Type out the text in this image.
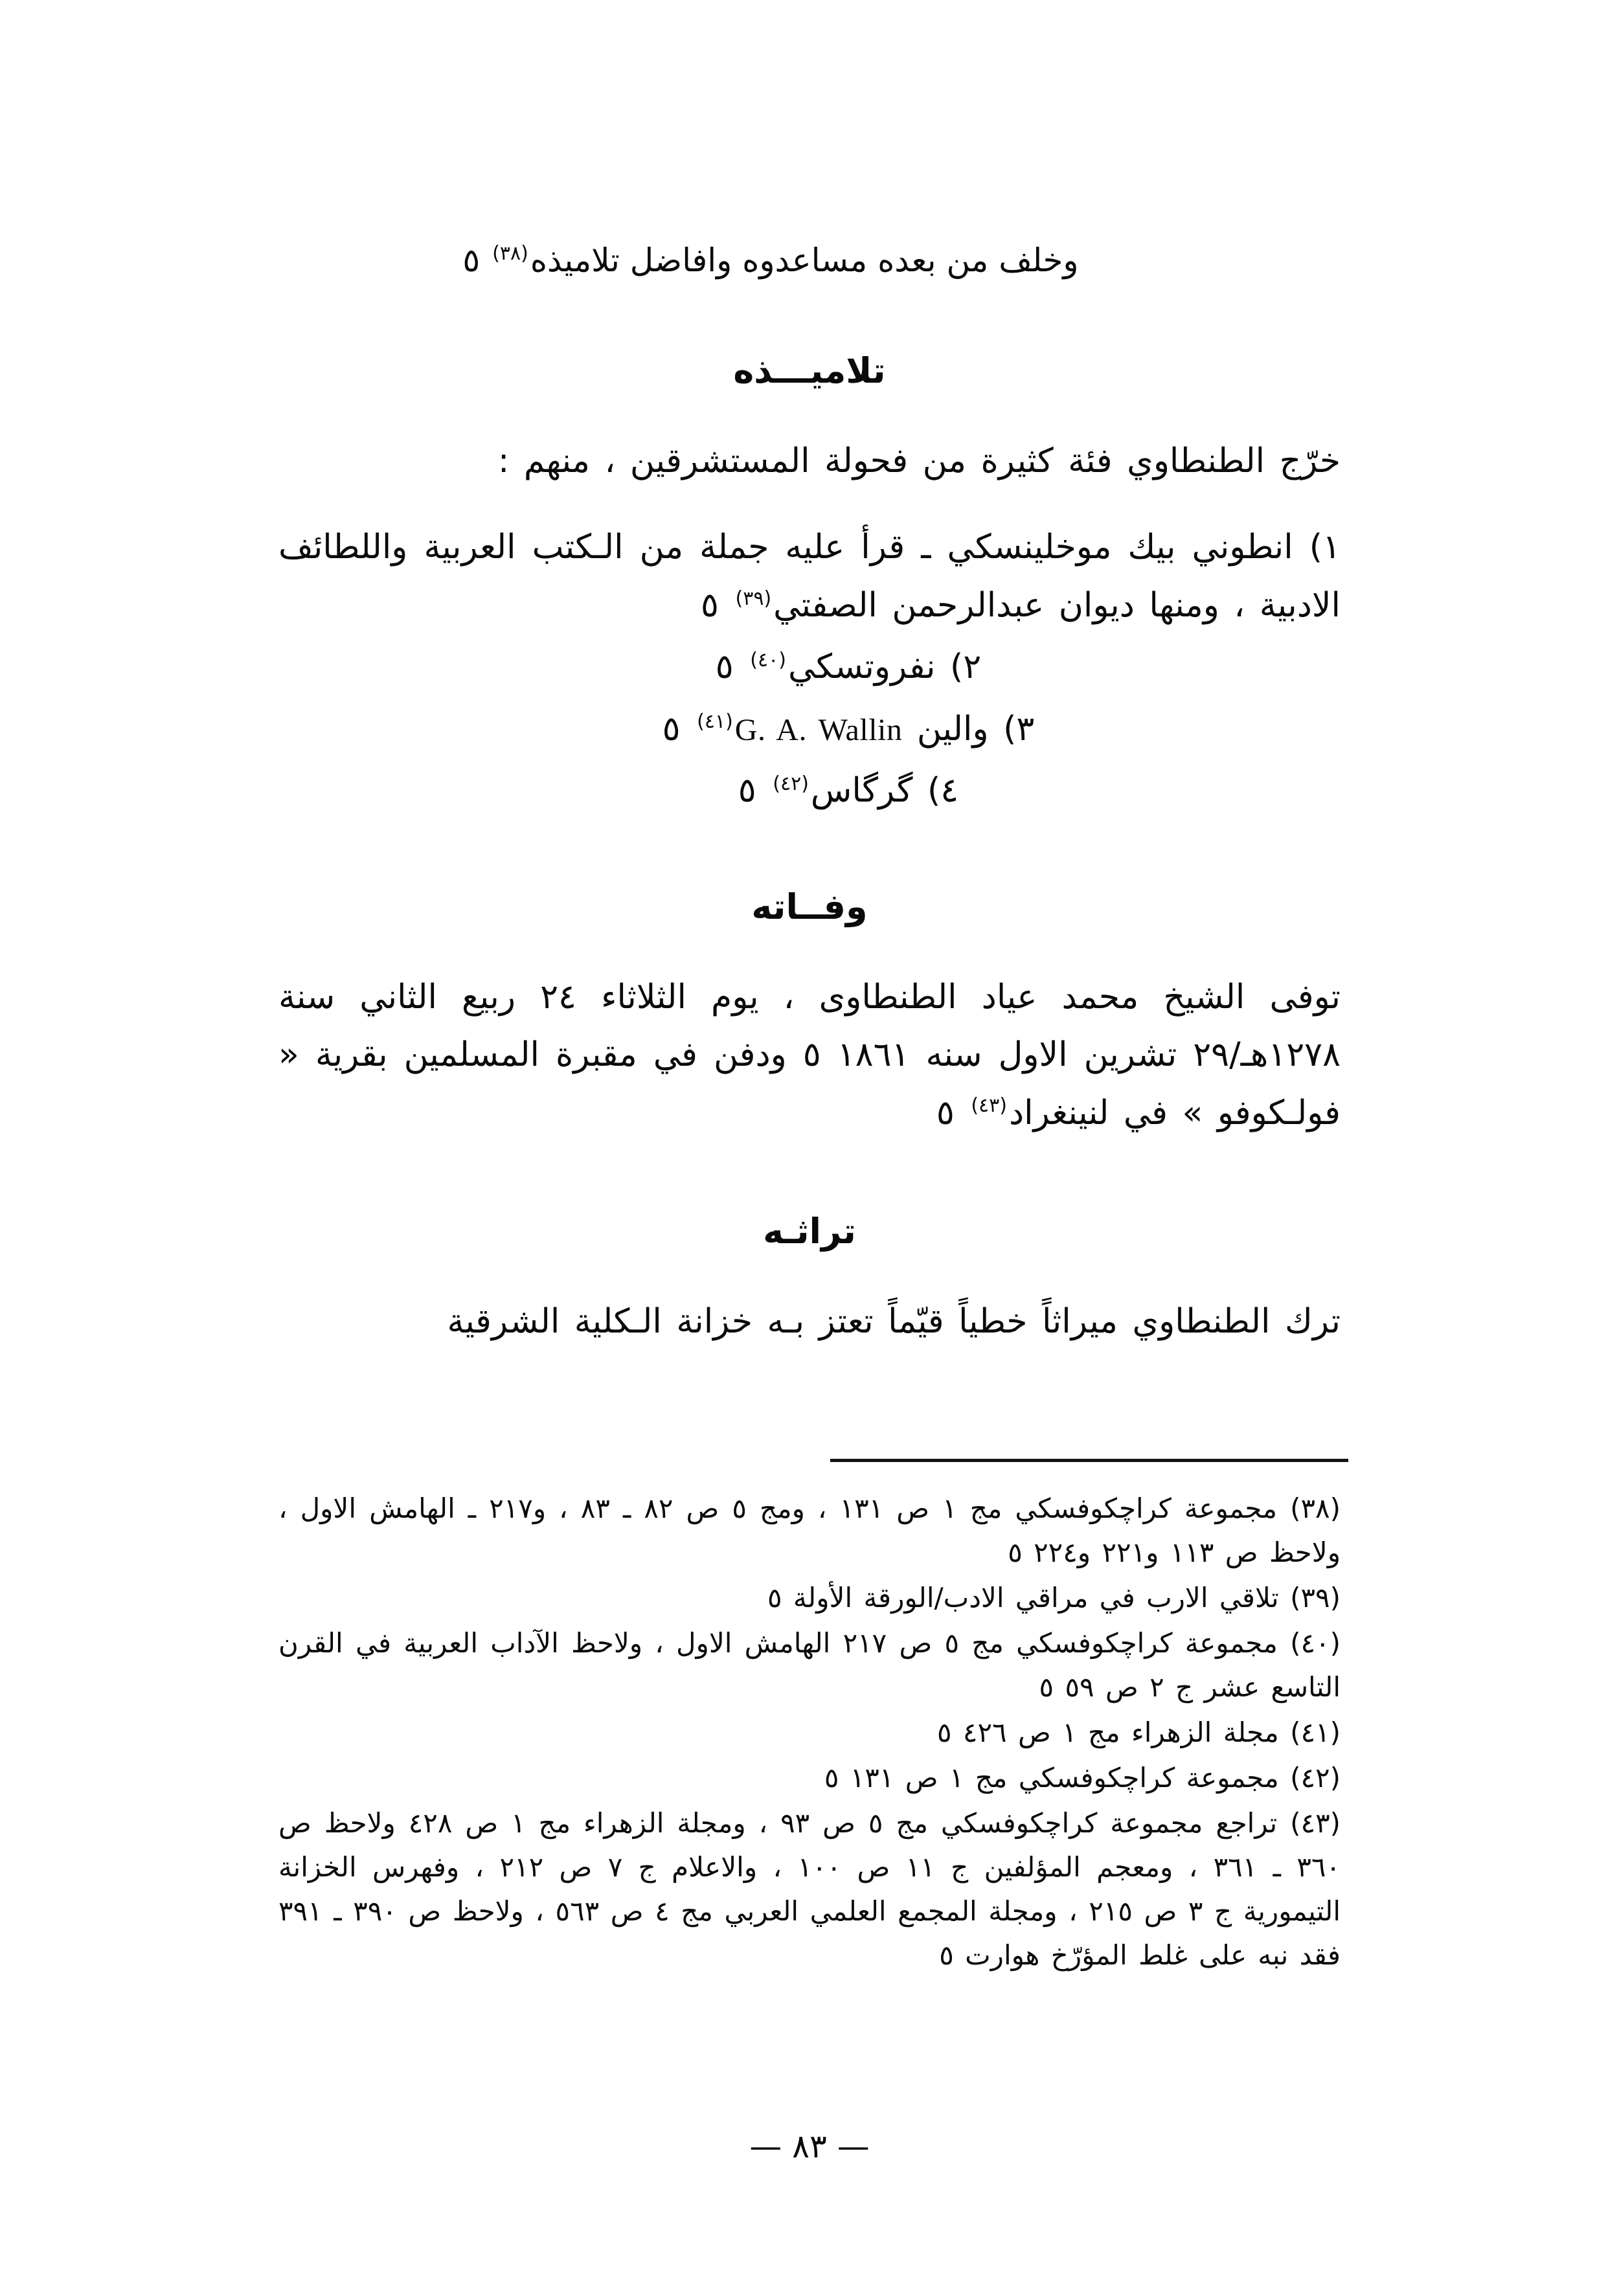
وخلف من بعده مساعدوه وافاضل تلاميذه$^{(٣٨)}$ ٥

تلاميـــذه

خرّج الطنطاوي فئة كثيرة من فحولة المستشرقين ، منهم :

١) انطوني بيك موخلينسكي ـ قرأ عليه جملة من الـكتب العربية واللطائف الادبية ، ومنها ديوان عبدالرحمن الصفتي$^{(٣٩)}$ ٥
٢) نفروتسكي$^{(٤٠)}$ ٥
٣) والين G. A. Wallin$^{(٤١)}$ ٥
٤) گرگاس$^{(٤٢)}$ ٥
وفــاته

توفى الشيخ محمد عياد الطنطاوى ، يوم الثلاثاء ٢٤ ربيع الثاني سنة ١٢٧٨هـ/٢٩ تشرين الاول سنه ١٨٦١ ٥ ودفن في مقبرة المسلمين بقرية « فولـكوفو » في لنينغراد$^{(٤٣)}$ ٥

تراثـه

ترك الطنطاوي ميراثاً خطياً قيّماً تعتز بـه خزانة الـكلية الشرقية

(٣٨) مجموعة كراچكوفسكي مج ١ ص ١٣١ ، ومج ٥ ص ٨٢ ـ ٨٣ ، و٢١٧ ـ الهامش الاول ، ولاحظ ص ١١٣ و٢٢١ و٢٢٤ ٥

(٣٩) تلاقي الارب في مراقي الادب/الورقة الأولة ٥

(٤٠) مجموعة كراچكوفسكي مج ٥ ص ٢١٧ الهامش الاول ، ولاحظ الآداب العربية في القرن التاسع عشر ج ٢ ص ٥٩ ٥

(٤١) مجلة الزهراء مج ١ ص ٤٢٦ ٥

(٤٢) مجموعة كراچكوفسكي مج ١ ص ١٣١ ٥

(٤٣) تراجع مجموعة كراچكوفسكي مج ٥ ص ٩٣ ، ومجلة الزهراء مج ١ ص ٤٢٨ ولاحظ ص ٣٦٠ ـ ٣٦١ ، ومعجم المؤلفين ج ١١ ص ١٠٠ ، والاعلام ج ٧ ص ٢١٢ ، وفهرس الخزانة التيمورية ج ٣ ص ٢١٥ ، ومجلة المجمع العلمي العربي مج ٤ ص ٥٦٣ ، ولاحظ ص ٣٩٠ ـ ٣٩١ فقد نبه على غلط المؤرّخ هوارت ٥

— ٨٣ —
